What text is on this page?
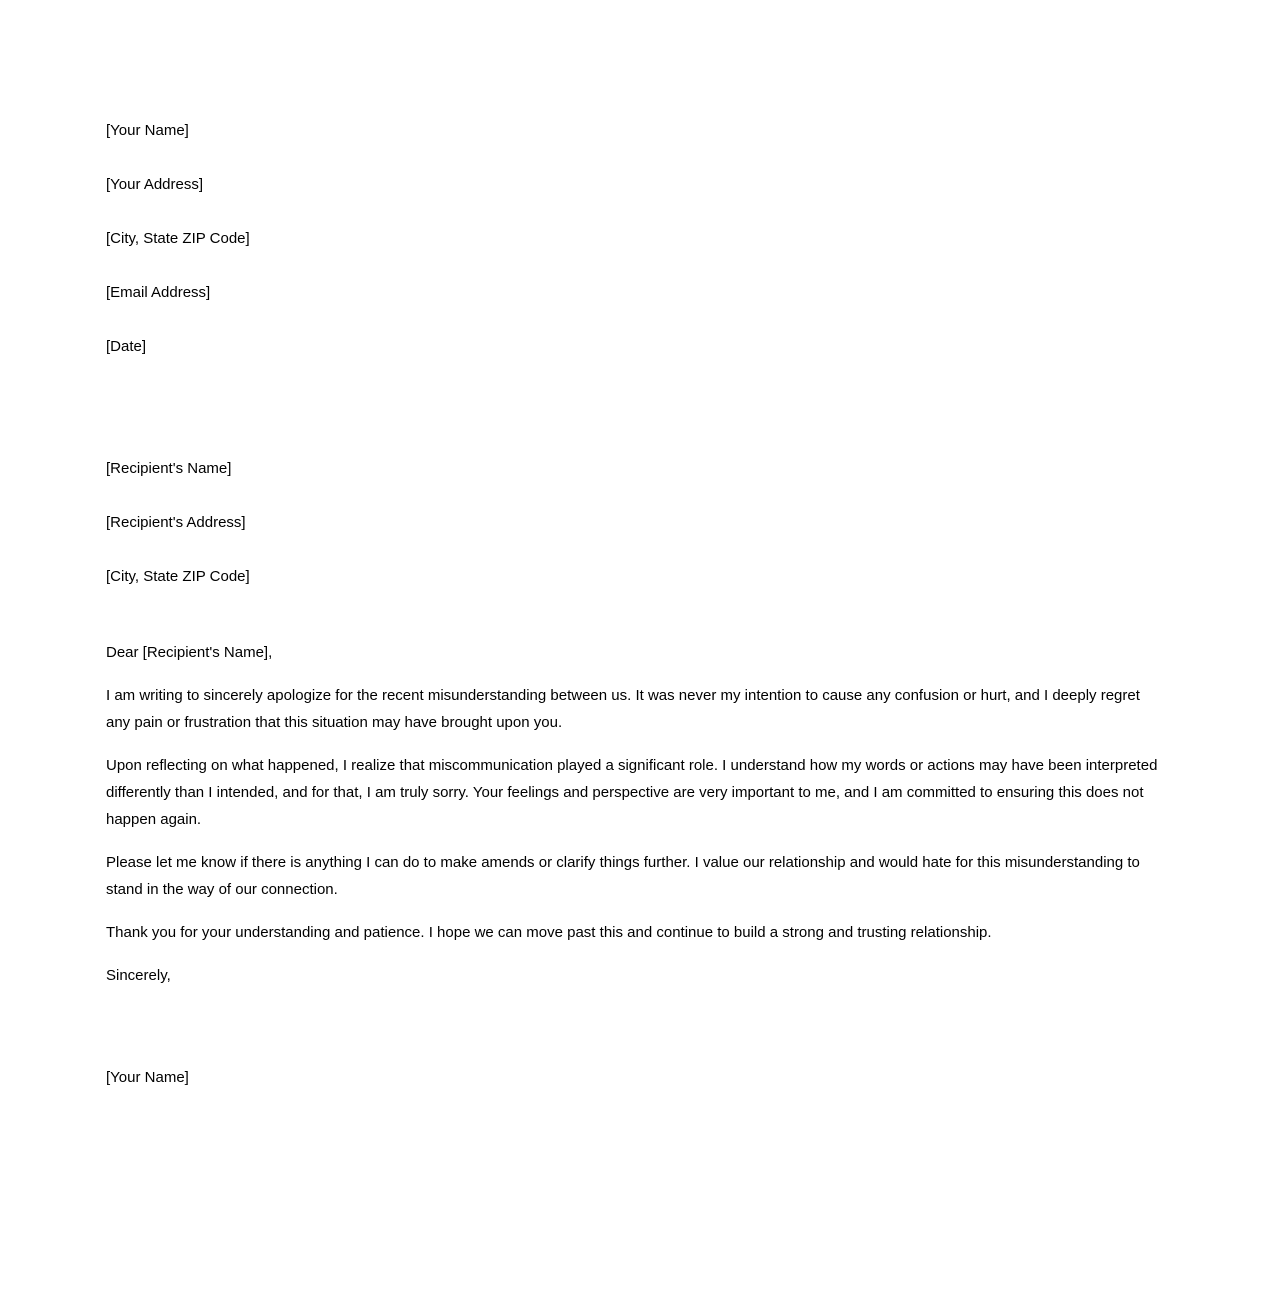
[Your Name]

[Your Address]

[City, State ZIP Code]

[Email Address]

[Date]

[Recipient's Name]

[Recipient's Address]

[City, State ZIP Code]

Dear [Recipient's Name],

I am writing to sincerely apologize for the recent misunderstanding between us. It was never my intention to cause any confusion or hurt, and I deeply regret any pain or frustration that this situation may have brought upon you.

Upon reflecting on what happened, I realize that miscommunication played a significant role. I understand how my words or actions may have been interpreted differently than I intended, and for that, I am truly sorry. Your feelings and perspective are very important to me, and I am committed to ensuring this does not happen again.

Please let me know if there is anything I can do to make amends or clarify things further. I value our relationship and would hate for this misunderstanding to stand in the way of our connection.

Thank you for your understanding and patience. I hope we can move past this and continue to build a strong and trusting relationship.

Sincerely,

[Your Name]
